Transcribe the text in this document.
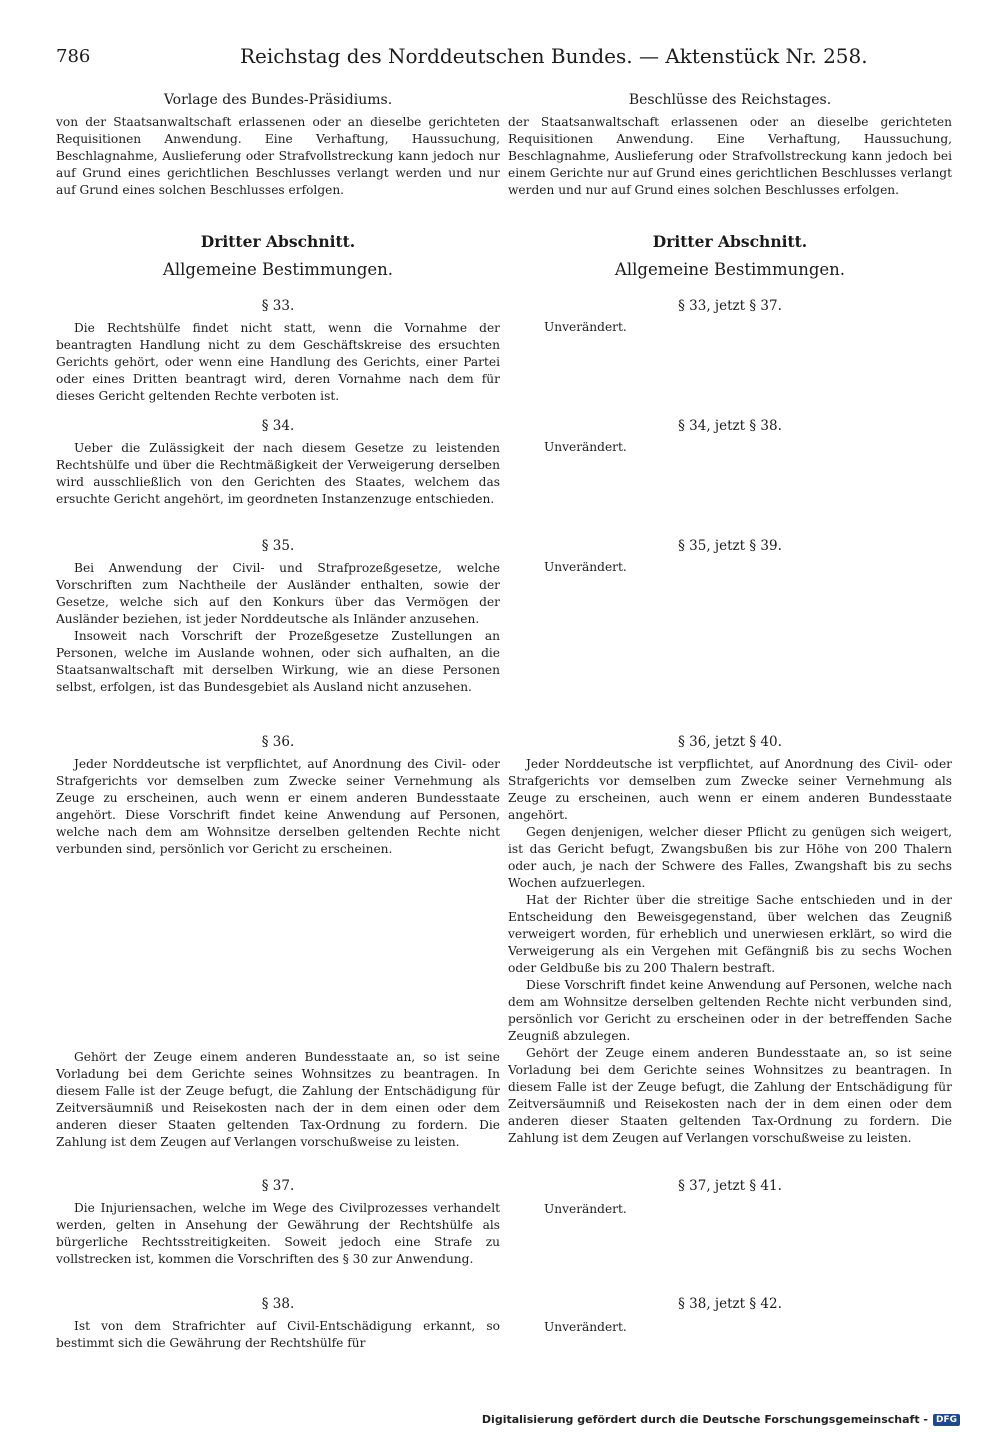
786	Reichstag des Norddeutschen Bundes. — Aktenstück Nr. 258.

Vorlage des Bundes-Präsidiums.

von der Staatsanwaltschaft erlassenen oder an dieselbe gerichteten Requisitionen Anwendung. Eine Verhaftung, Haussuchung, Beschlagnahme, Auslieferung oder Strafvollstreckung kann jedoch nur auf Grund eines gerichtlichen Beschlusses verlangt werden und nur auf Grund eines solchen Beschlusses erfolgen.

Dritter Abschnitt.

Allgemeine Bestimmungen.

§ 33.

Die Rechtshülfe findet nicht statt, wenn die Vornahme der beantragten Handlung nicht zu dem Geschäftskreise des ersuchten Gerichts gehört, oder wenn eine Handlung des Gerichts, einer Partei oder eines Dritten beantragt wird, deren Vornahme nach dem für dieses Gericht geltenden Rechte verboten ist.

§ 34.

Ueber die Zulässigkeit der nach diesem Gesetze zu leistenden Rechtshülfe und über die Rechtmäßigkeit der Verweigerung derselben wird ausschließlich von den Gerichten des Staates, welchem das ersuchte Gericht angehört, im geordneten Instanzenzuge entschieden.

§ 35.

Bei Anwendung der Civil- und Strafprozeßgesetze, welche Vorschriften zum Nachtheile der Ausländer enthalten, sowie der Gesetze, welche sich auf den Konkurs über das Vermögen der Ausländer beziehen, ist jeder Norddeutsche als Inländer anzusehen.

Insoweit nach Vorschrift der Prozeßgesetze Zustellungen an Personen, welche im Auslande wohnen, oder sich aufhalten, an die Staatsanwaltschaft mit derselben Wirkung, wie an diese Personen selbst, erfolgen, ist das Bundesgebiet als Ausland nicht anzusehen.

§ 36.

Jeder Norddeutsche ist verpflichtet, auf Anordnung des Civil- oder Strafgerichts vor demselben zum Zwecke seiner Vernehmung als Zeuge zu erscheinen, auch wenn er einem anderen Bundesstaate angehört. Diese Vorschrift findet keine Anwendung auf Personen, welche nach dem am Wohnsitze derselben geltenden Rechte nicht verbunden sind, persönlich vor Gericht zu erscheinen.

Gehört der Zeuge einem anderen Bundesstaate an, so ist seine Vorladung bei dem Gerichte seines Wohnsitzes zu beantragen. In diesem Falle ist der Zeuge befugt, die Zahlung der Entschädigung für Zeitversäumniß und Reisekosten nach der in dem einen oder dem anderen dieser Staaten geltenden Tax-Ordnung zu fordern. Die Zahlung ist dem Zeugen auf Verlangen vorschußweise zu leisten.

§ 37.

Die Injuriensachen, welche im Wege des Civilprozesses verhandelt werden, gelten in Ansehung der Gewährung der Rechtshülfe als bürgerliche Rechtsstreitigkeiten. Soweit jedoch eine Strafe zu vollstrecken ist, kommen die Vorschriften des § 30 zur Anwendung.

§ 38.

Ist von dem Strafrichter auf Civil-Entschädigung erkannt, so bestimmt sich die Gewährung der Rechtshülfe für

Beschlüsse des Reichstages.

der Staatsanwaltschaft erlassenen oder an dieselbe gerichteten Requisitionen Anwendung. Eine Verhaftung, Haussuchung, Beschlagnahme, Auslieferung oder Strafvollstreckung kann jedoch bei einem Gerichte nur auf Grund eines gerichtlichen Beschlusses verlangt werden und nur auf Grund eines solchen Beschlusses erfolgen.

Dritter Abschnitt.

Allgemeine Bestimmungen.

§ 33, jetzt § 37.

Unverändert.

§ 34, jetzt § 38.

Unverändert.

§ 35, jetzt § 39.

Unverändert.

§ 36, jetzt § 40.

Jeder Norddeutsche ist verpflichtet, auf Anordnung des Civil- oder Strafgerichts vor demselben zum Zwecke seiner Vernehmung als Zeuge zu erscheinen, auch wenn er einem anderen Bundesstaate angehört.

Gegen denjenigen, welcher dieser Pflicht zu genügen sich weigert, ist das Gericht befugt, Zwangsbußen bis zur Höhe von 200 Thalern oder auch, je nach der Schwere des Falles, Zwangshaft bis zu sechs Wochen aufzuerlegen.

Hat der Richter über die streitige Sache entschieden und in der Entscheidung den Beweisgegenstand, über welchen das Zeugniß verweigert worden, für erheblich und unerwiesen erklärt, so wird die Verweigerung als ein Vergehen mit Gefängniß bis zu sechs Wochen oder Geldbuße bis zu 200 Thalern bestraft.

Diese Vorschrift findet keine Anwendung auf Personen, welche nach dem am Wohnsitze derselben geltenden Rechte nicht verbunden sind, persönlich vor Gericht zu erscheinen oder in der betreffenden Sache Zeugniß abzulegen.

Gehört der Zeuge einem anderen Bundesstaate an, so ist seine Vorladung bei dem Gerichte seines Wohnsitzes zu beantragen. In diesem Falle ist der Zeuge befugt, die Zahlung der Entschädigung für Zeitversäumniß und Reisekosten nach der in dem einen oder dem anderen dieser Staaten geltenden Tax-Ordnung zu fordern. Die Zahlung ist dem Zeugen auf Verlangen vorschußweise zu leisten.

§ 37, jetzt § 41.

Unverändert.

§ 38, jetzt § 42.

Unverändert.

Digitalisierung gefördert durch die Deutsche Forschungsgemeinschaft - DFG
